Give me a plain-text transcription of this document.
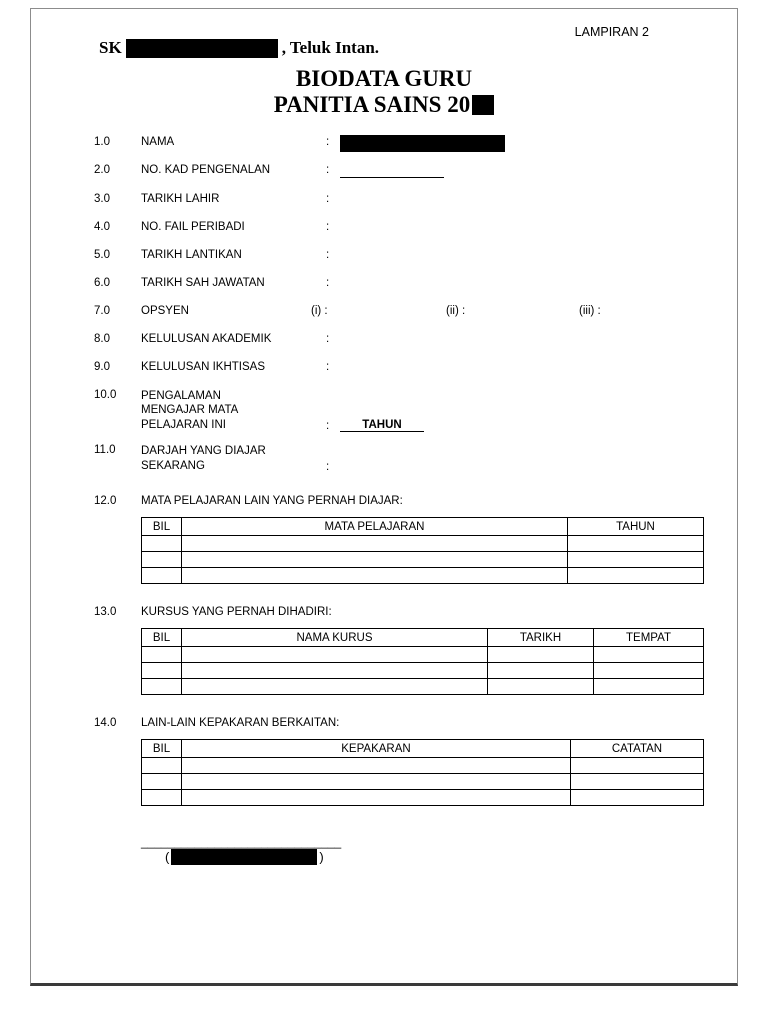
LAMPIRAN 2
SK	, Teluk Intan.
BIODATA GURU
PANITIA SAINS 20
1.0	NAMA	:
2.0	NO. KAD PENGENALAN	:
3.0	TARIKH LAHIR	:
4.0	NO. FAIL PERIBADI	:
5.0	TARIKH LANTIKAN	:
6.0	TARIKH SAH JAWATAN	:
7.0	OPSYEN	(i) :	(ii) :	(iii) :
8.0	KELULUSAN AKADEMIK	:
9.0	KELULUSAN IKHTISAS	:
10.0	PENGALAMAN
MENGAJAR MATA
PELAJARAN INI	:	TAHUN
11.0	DARJAH YANG DIAJAR
SEKARANG	:
12.0	MATA PELAJARAN LAIN YANG PERNAH DIAJAR:
BIL	MATA PELAJARAN	TAHUN

13.0	KURSUS YANG PERNAH DIHADIRI:
BIL	NAMA KURUS	TARIKH	TEMPAT

14.0	LAIN-LAIN KEPAKARAN BERKAITAN:
BIL	KEPAKARAN	CATATAN

______________________________
(	)
